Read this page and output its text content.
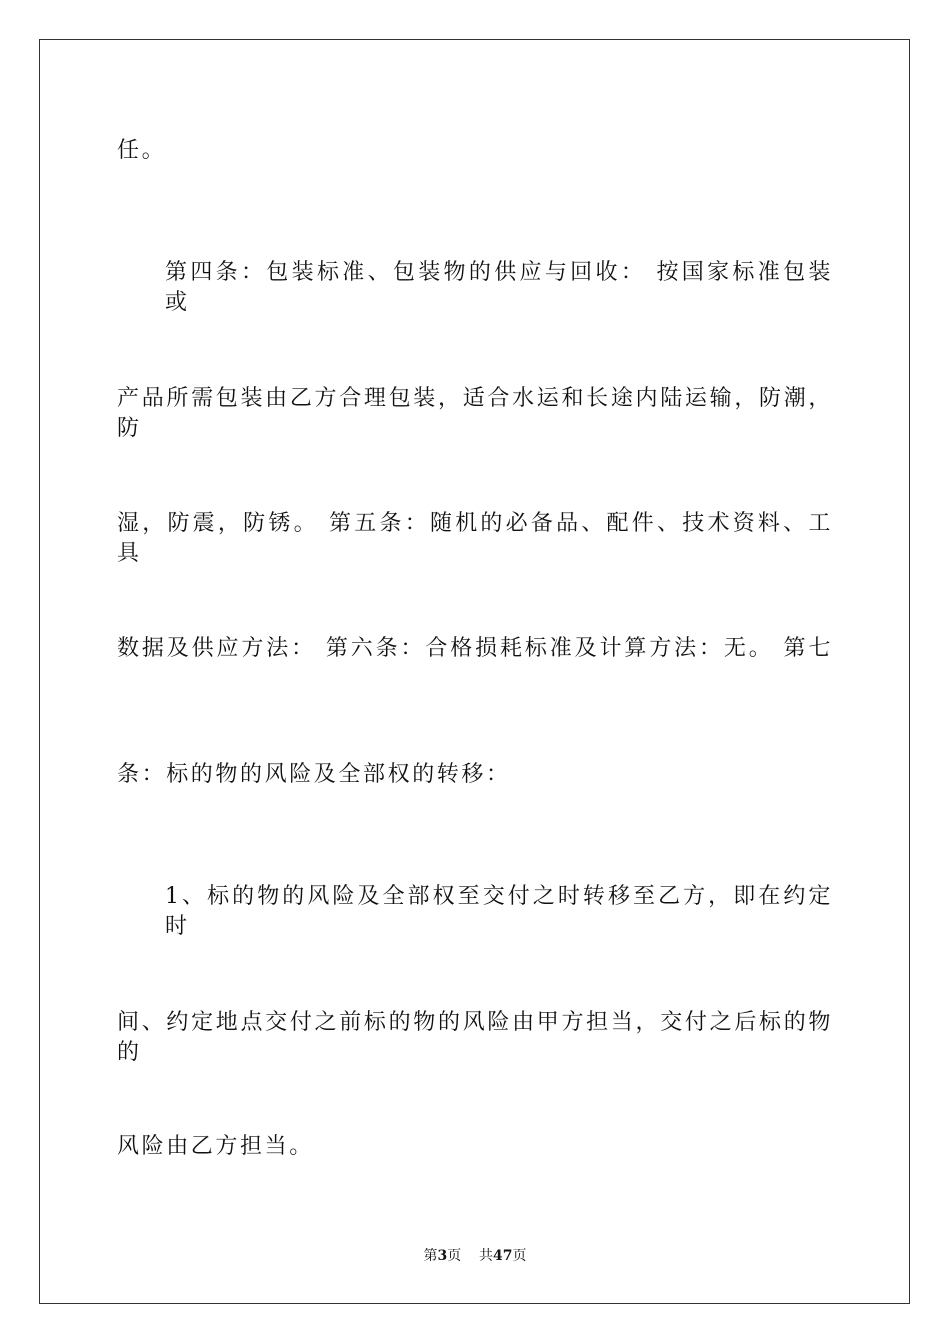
任。
第四条：包装标准、包装物的供应与回收： 按国家标准包装或
产品所需包装由乙方合理包装，适合水运和长途内陆运输，防潮，防
湿，防震，防锈。 第五条：随机的必备品、配件、技术资料、工具
数据及供应方法： 第六条：合格损耗标准及计算方法：无。 第七
条：标的物的风险及全部权的转移：
1、标的物的风险及全部权至交付之时转移至乙方，即在约定时
间、约定地点交付之前标的物的风险由甲方担当，交付之后标的物的
风险由乙方担当。
第3页 共47页
